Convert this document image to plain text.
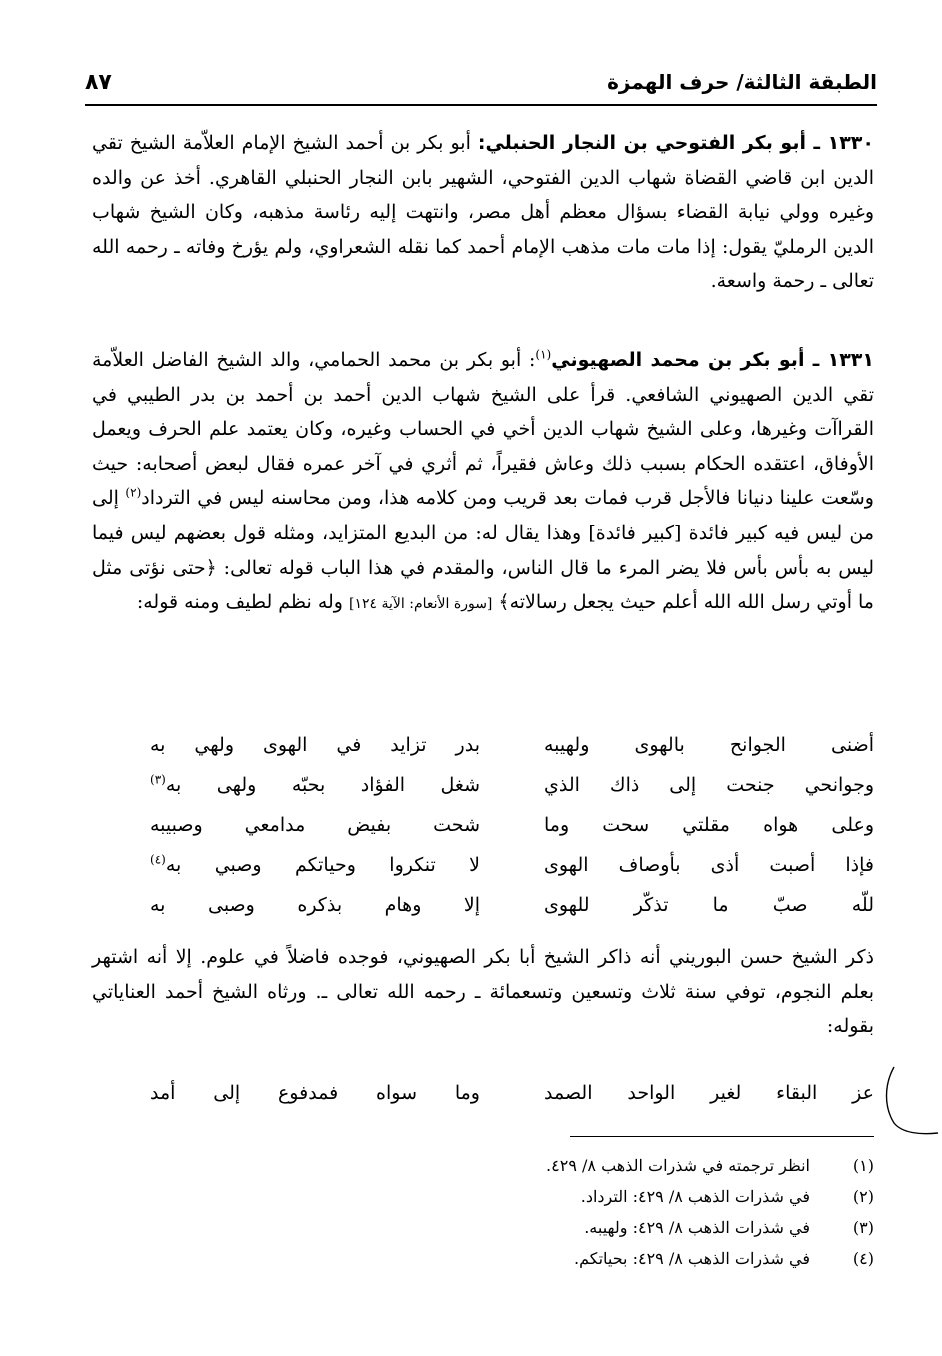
الطبقة الثالثة/ حرف الهمزة
٨٧
١٣٣٠ ـ أبو بكر الفتوحي بن النجار الحنبلي: أبو بكر بن أحمد الشيخ الإمام العلاّمة الشيخ تقي الدين ابن قاضي القضاة شهاب الدين الفتوحي، الشهير بابن النجار الحنبلي القاهري. أخذ عن والده وغيره وولي نيابة القضاء بسؤال معظم أهل مصر، وانتهت إليه رئاسة مذهبه، وكان الشيخ شهاب الدين الرمليّ يقول: إذا مات مات مذهب الإمام أحمد كما نقله الشعراوي، ولم يؤرخ وفاته ـ رحمه الله تعالى ـ رحمة واسعة.
١٣٣١ ـ أبو بكر بن محمد الصهيوني$^{(١)}$: أبو بكر بن محمد الحمامي، والد الشيخ الفاضل العلاّمة تقي الدين الصهيوني الشافعي. قرأ على الشيخ شهاب الدين أحمد بن أحمد بن بدر الطيبي في القراآت وغيرها، وعلى الشيخ شهاب الدين أخي في الحساب وغيره، وكان يعتمد علم الحرف ويعمل الأوفاق، اعتقده الحكام بسبب ذلك وعاش فقيراً، ثم أثري في آخر عمره فقال لبعض أصحابه: حيث وسّعت علينا دنيانا فالأجل قرب فمات بعد قريب ومن كلامه هذا، ومن محاسنه ليس في الترداد$^{(٢)}$ إلى من ليس فيه كبير فائدة [كبير فائدة] وهذا يقال له: من البديع المتزايد، ومثله قول بعضهم ليس فيما ليس به بأس بأس فلا يضر المرء ما قال الناس، والمقدم في هذا الباب قوله تعالى: ﴿حتى نؤتى مثل ما أوتي رسل الله الله أعلم حيث يجعل رسالاته﴾ [سورة الأنعام: الآية ١٢٤] وله نظم لطيف ومنه قوله:
أضنى الجوانح بالهوى ولهيبه
بدر تزايد في الهوى ولهي به
وجوانحي جنحت إلى ذاك الذي
شغل الفؤاد بحبّه ولهى به$^{(٣)}$
وعلى هواه مقلتي سحت وما
شحت بفيض مدامعي وصبيبه
فإذا أصبت أذى بأوصاف الهوى
لا تنكروا وحياتكم وصبي به$^{(٤)}$
للّه صبّ ما تذكّر للهوى
إلا وهام بذكره وصبى به
ذكر الشيخ حسن البوريني أنه ذاكر الشيخ أبا بكر الصهيوني، فوجده فاضلاً في علوم. إلا أنه اشتهر بعلم النجوم، توفي سنة ثلاث وتسعين وتسعمائة ـ رحمه الله تعالى ـ. ورثاه الشيخ أحمد العناياتي بقوله:
عز البقاء لغير الواحد الصمد
وما سواه فمدفوع إلى أمد
(١)
انظر ترجمته في شذرات الذهب ٨/ ٤٢٩.
(٢)
في شذرات الذهب ٨/ ٤٢٩: الترداد.
(٣)
في شذرات الذهب ٨/ ٤٢٩: ولهيبه.
(٤)
في شذرات الذهب ٨/ ٤٢٩: بحياتكم.
